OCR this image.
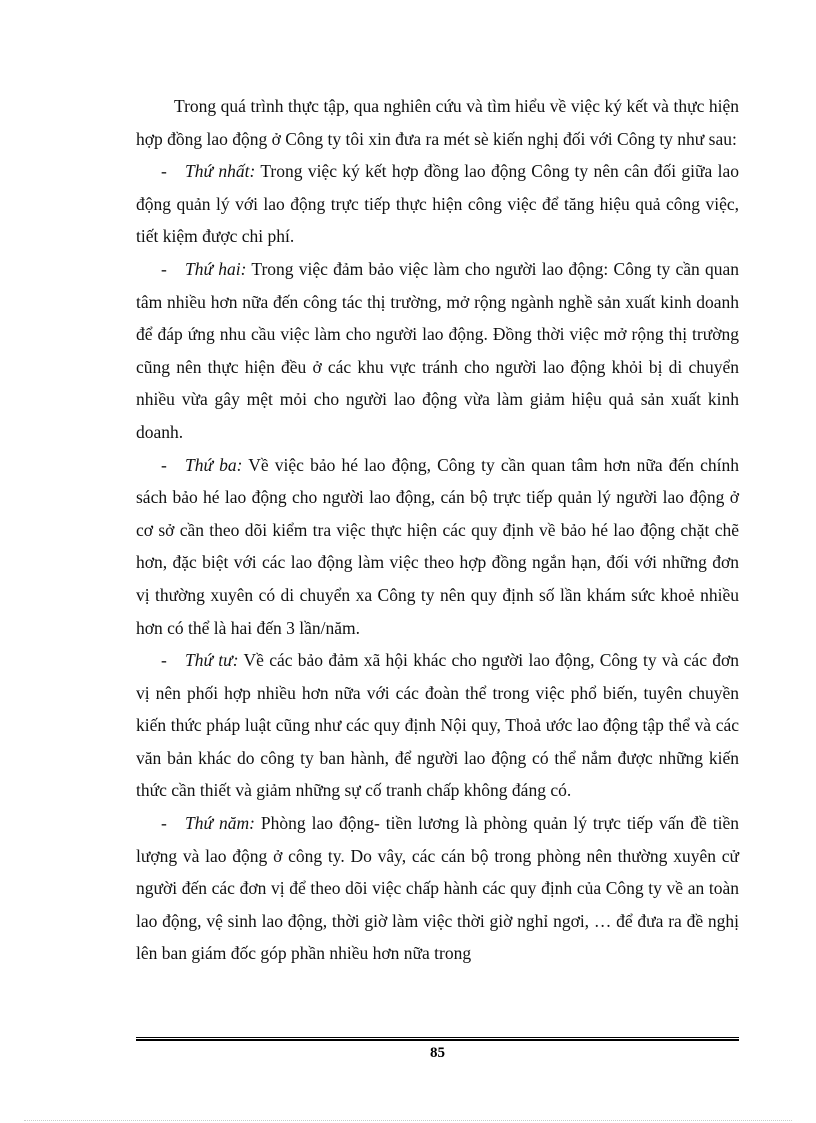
Trong quá trình thực tập, qua nghiên cứu và tìm hiểu về việc ký kết và thực hiện hợp đồng lao động ở Công ty tôi xin đưa ra mét sè kiến nghị đối với Công ty như sau:

- Thứ nhất: Trong việc ký kết hợp đồng lao động Công ty nên cân đối giữa lao động quản lý với lao động trực tiếp thực hiện công việc để tăng hiệu quả công việc, tiết kiệm được chi phí.

- Thứ hai: Trong việc đảm bảo việc làm cho người lao động: Công ty cần quan tâm nhiều hơn nữa đến công tác thị trường, mở rộng ngành nghề sản xuất kinh doanh để đáp ứng nhu cầu việc làm cho người lao động. Đồng thời việc mở rộng thị trường cũng nên thực hiện đều ở các khu vực tránh cho người lao động khỏi bị di chuyển nhiều vừa gây mệt mỏi cho người lao động vừa làm giảm hiệu quả sản xuất kinh doanh.

- Thứ ba: Về việc bảo hé lao động, Công ty cần quan tâm hơn nữa đến chính sách bảo hé lao động cho người lao động, cán bộ trực tiếp quản lý người lao động ở cơ sở cần theo dõi kiểm tra việc thực hiện các quy định về bảo hé lao động chặt chẽ hơn, đặc biệt với các lao động làm việc theo hợp đồng ngắn hạn, đối với những đơn vị thường xuyên có di chuyển xa Công ty nên quy định số lần khám sức khoẻ nhiều hơn có thể là hai đến 3 lần/năm.

- Thứ tư: Về các bảo đảm xã hội khác cho người lao động, Công ty và các đơn vị nên phối hợp nhiều hơn nữa với các đoàn thể trong việc phổ biến, tuyên chuyền kiến thức pháp luật cũng như các quy định Nội quy, Thoả ước lao động tập thể và các văn bản khác do công ty ban hành, để người lao động có thể nắm được những kiến thức cần thiết và giảm những sự cố tranh chấp không đáng có.

- Thứ năm: Phòng lao động- tiền lương là phòng quản lý trực tiếp vấn đề tiền lượng và lao động ở công ty. Do vây, các cán bộ trong phòng nên thường xuyên cử người đến các đơn vị để theo dõi việc chấp hành các quy định của Công ty về an toàn lao động, vệ sinh lao động, thời giờ làm việc thời giờ nghỉ ngơi, … để đưa ra đề nghị lên ban giám đốc góp phần nhiều hơn nữa trong

85
